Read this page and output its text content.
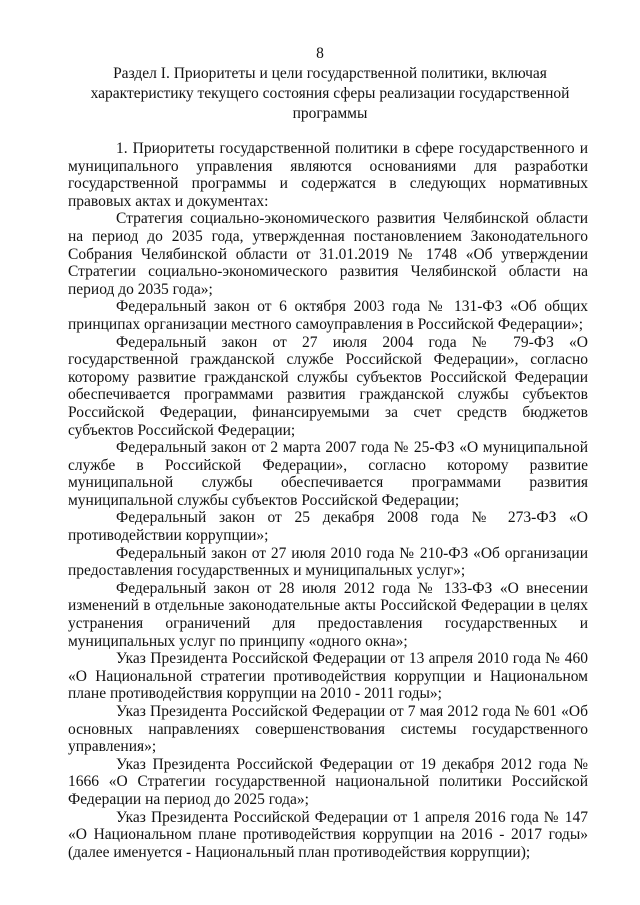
8
Раздел I. Приоритеты и цели государственной политики, включая характеристику текущего состояния сферы реализации государственной программы

1. Приоритеты государственной политики в сфере государственного и муниципального управления являются основаниями для разработки государственной программы и содержатся в следующих нормативных правовых актах и документах:

Стратегия социально-экономического развития Челябинской области на период до 2035 года, утвержденная постановлением Законодательного Собрания Челябинской области от 31.01.2019 № 1748 «Об утверждении Стратегии социально-экономического развития Челябинской области на период до 2035 года»;

Федеральный закон от 6 октября 2003 года № 131-ФЗ «Об общих принципах организации местного самоуправления в Российской Федерации»;

Федеральный закон от 27 июля 2004 года № 79-ФЗ «О государственной гражданской службе Российской Федерации», согласно которому развитие гражданской службы субъектов Российской Федерации обеспечивается программами развития гражданской службы субъектов Российской Федерации, финансируемыми за счет средств бюджетов субъектов Российской Федерации;

Федеральный закон от 2 марта 2007 года № 25-ФЗ «О муниципальной службе в Российской Федерации», согласно которому развитие муниципальной службы обеспечивается программами развития муниципальной службы субъектов Российской Федерации;

Федеральный закон от 25 декабря 2008 года № 273-ФЗ «О противодействии коррупции»;

Федеральный закон от 27 июля 2010 года № 210-ФЗ «Об организации предоставления государственных и муниципальных услуг»;

Федеральный закон от 28 июля 2012 года № 133-ФЗ «О внесении изменений в отдельные законодательные акты Российской Федерации в целях устранения ограничений для предоставления государственных и муниципальных услуг по принципу «одного окна»;

Указ Президента Российской Федерации от 13 апреля 2010 года № 460 «О Национальной стратегии противодействия коррупции и Национальном плане противодействия коррупции на 2010 - 2011 годы»;

Указ Президента Российской Федерации от 7 мая 2012 года № 601 «Об основных направлениях совершенствования системы государственного управления»;

Указ Президента Российской Федерации от 19 декабря 2012 года № 1666 «О Стратегии государственной национальной политики Российской Федерации на период до 2025 года»;

Указ Президента Российской Федерации от 1 апреля 2016 года № 147 «О Национальном плане противодействия коррупции на 2016 - 2017 годы» (далее именуется - Национальный план противодействия коррупции);
